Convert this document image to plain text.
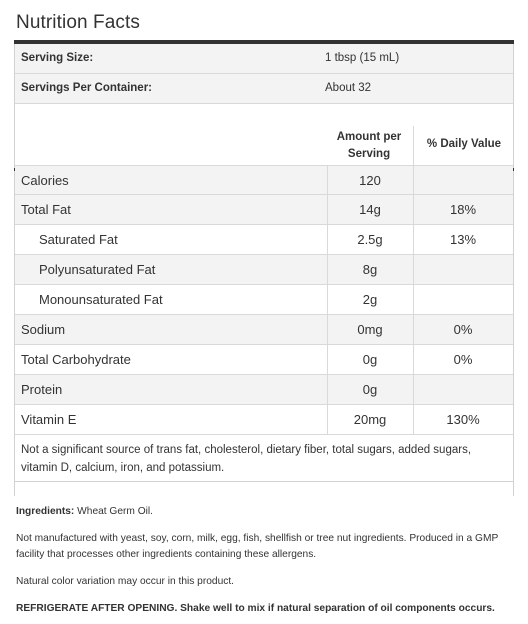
Nutrition Facts
Serving Size:	1 tbsp (15 mL)
Servings Per Container:	About 32
Amount per
Serving
% Daily Value
Calories	120
Total Fat	14g	18%
Saturated Fat	2.5g	13%
Polyunsaturated Fat	8g
Monounsaturated Fat	2g
Sodium	0mg	0%
Total Carbohydrate	0g	0%
Protein	0g
Vitamin E	20mg	130%
Not a significant source of trans fat, cholesterol, dietary fiber, total sugars, added sugars, vitamin D, calcium, iron, and potassium.
Ingredients: Wheat Germ Oil.
Not manufactured with yeast, soy, corn, milk, egg, fish, shellfish or tree nut ingredients. Produced in a GMP facility that processes other ingredients containing these allergens.
Natural color variation may occur in this product.
REFRIGERATE AFTER OPENING. Shake well to mix if natural separation of oil components occurs.
